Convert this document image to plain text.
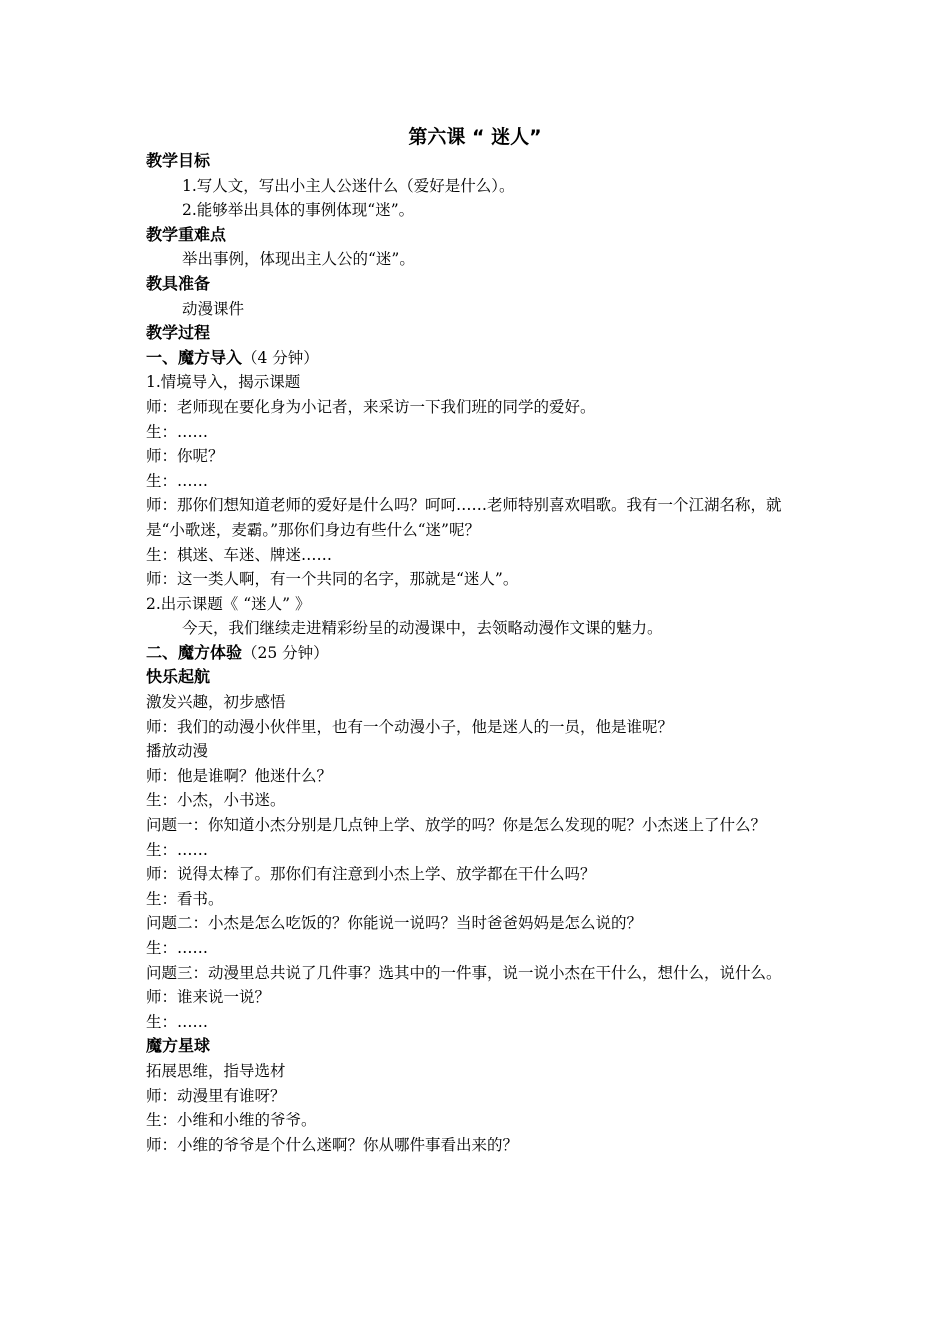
第六课 “ 迷人”

教学目标

1.写人文，写出小主人公迷什么（爱好是什么）。

2.能够举出具体的事例体现“迷”。

教学重难点

举出事例，体现出主人公的“迷”。

教具准备

动漫课件

教学过程

一、魔方导入（4 分钟）

1.情境导入，揭示课题

师：老师现在要化身为小记者，来采访一下我们班的同学的爱好。

生：……

师：你呢？

生：……

师：那你们想知道老师的爱好是什么吗？呵呵……老师特别喜欢唱歌。我有一个江湖名称，就是“小歌迷，麦霸。”那你们身边有些什么“迷”呢？

生：棋迷、车迷、牌迷……

师：这一类人啊，有一个共同的名字，那就是“迷人”。

2.出示课题《 “迷人” 》

今天，我们继续走进精彩纷呈的动漫课中，去领略动漫作文课的魅力。

二、魔方体验（25 分钟）

快乐起航

激发兴趣，初步感悟

师：我们的动漫小伙伴里，也有一个动漫小子，他是迷人的一员，他是谁呢？

播放动漫

师：他是谁啊？他迷什么？

生：小杰，小书迷。

问题一：你知道小杰分别是几点钟上学、放学的吗？你是怎么发现的呢？小杰迷上了什么？

生：……

师：说得太棒了。那你们有注意到小杰上学、放学都在干什么吗？

生：看书。

问题二：小杰是怎么吃饭的？你能说一说吗？当时爸爸妈妈是怎么说的？

生：……

问题三：动漫里总共说了几件事？选其中的一件事，说一说小杰在干什么，想什么，说什么。

师：谁来说一说？

生：……

魔方星球

拓展思维，指导选材

师：动漫里有谁呀？

生：小维和小维的爷爷。

师：小维的爷爷是个什么迷啊？你从哪件事看出来的？
